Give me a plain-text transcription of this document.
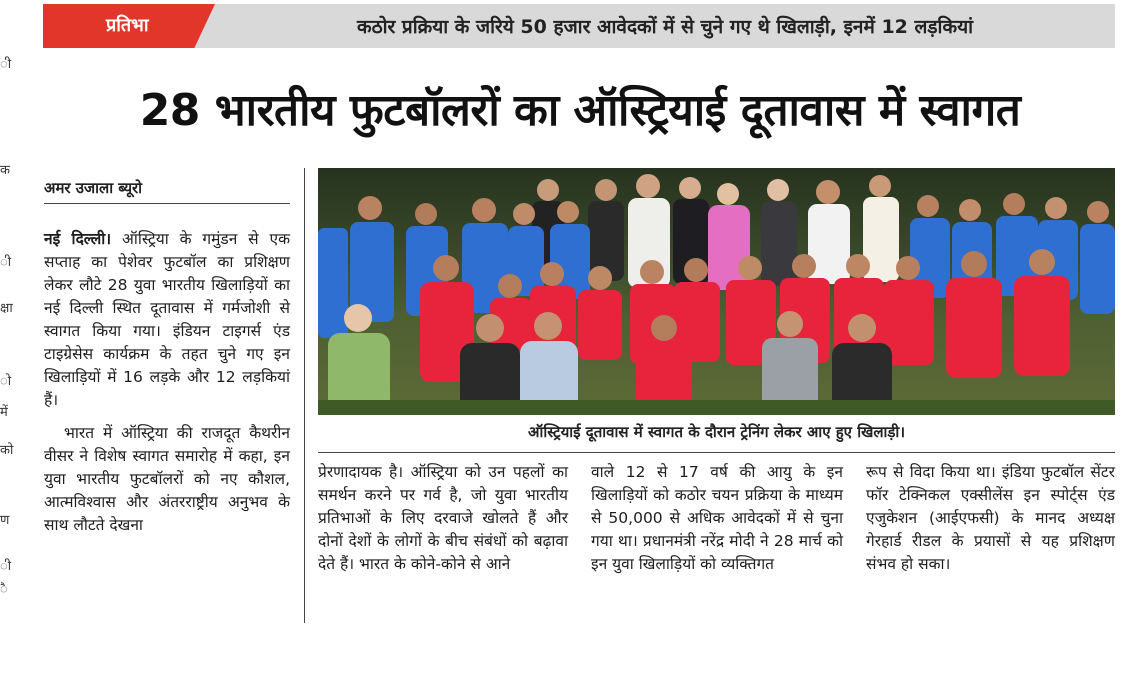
ी
क
ी
क्षा
ो
में
को
ण
ी
ै
प्रतिभा	कठोर प्रक्रिया के जरिये 50 हजार आवेदकों में से चुने गए थे खिलाड़ी, इनमें 12 लड़कियां
28 भारतीय फुटबॉलरों का ऑस्ट्रियाई दूतावास में स्वागत
अमर उजाला ब्यूरो

नई दिल्ली। ऑस्ट्रिया के गमुंडन से एक सप्ताह का पेशेवर फुटबॉल का प्रशिक्षण लेकर लौटे 28 युवा भारतीय खिलाड़ियों का नई दिल्ली स्थित दूतावास में गर्मजोशी से स्वागत किया गया। इंडियन टाइगर्स एंड टाइग्रेसेस कार्यक्रम के तहत चुने गए इन खिलाड़ियों में 16 लड़के और 12 लड़कियां हैं।

भारत में ऑस्ट्रिया की राजदूत कैथरीन वीसर ने विशेष स्वागत समारोह में कहा, इन युवा भारतीय फुटबॉलरों को नए कौशल, आत्मविश्वास और अंतरराष्ट्रीय अनुभव के साथ लौटते देखना

ऑस्ट्रियाई दूतावास में स्वागत के दौरान ट्रेनिंग लेकर आए हुए खिलाड़ी।

प्रेरणादायक है। ऑस्ट्रिया को उन पहलों का समर्थन करने पर गर्व है, जो युवा भारतीय प्रतिभाओं के लिए दरवाजे खोलते हैं और दोनों देशों के लोगों के बीच संबंधों को बढ़ावा देते हैं। भारत के कोने-कोने से आने

वाले 12 से 17 वर्ष की आयु के इन खिलाड़ियों को कठोर चयन प्रक्रिया के माध्यम से 50,000 से अधिक आवेदकों में से चुना गया था। प्रधानमंत्री नरेंद्र मोदी ने 28 मार्च को इन युवा खिलाड़ियों को व्यक्तिगत

रूप से विदा किया था। इंडिया फुटबॉल सेंटर फॉर टेक्निकल एक्सीलेंस इन स्पोर्ट्स एंड एजुकेशन (आईएफसी) के मानद अध्यक्ष गेरहार्ड रीडल के प्रयासों से यह प्रशिक्षण संभव हो सका।
